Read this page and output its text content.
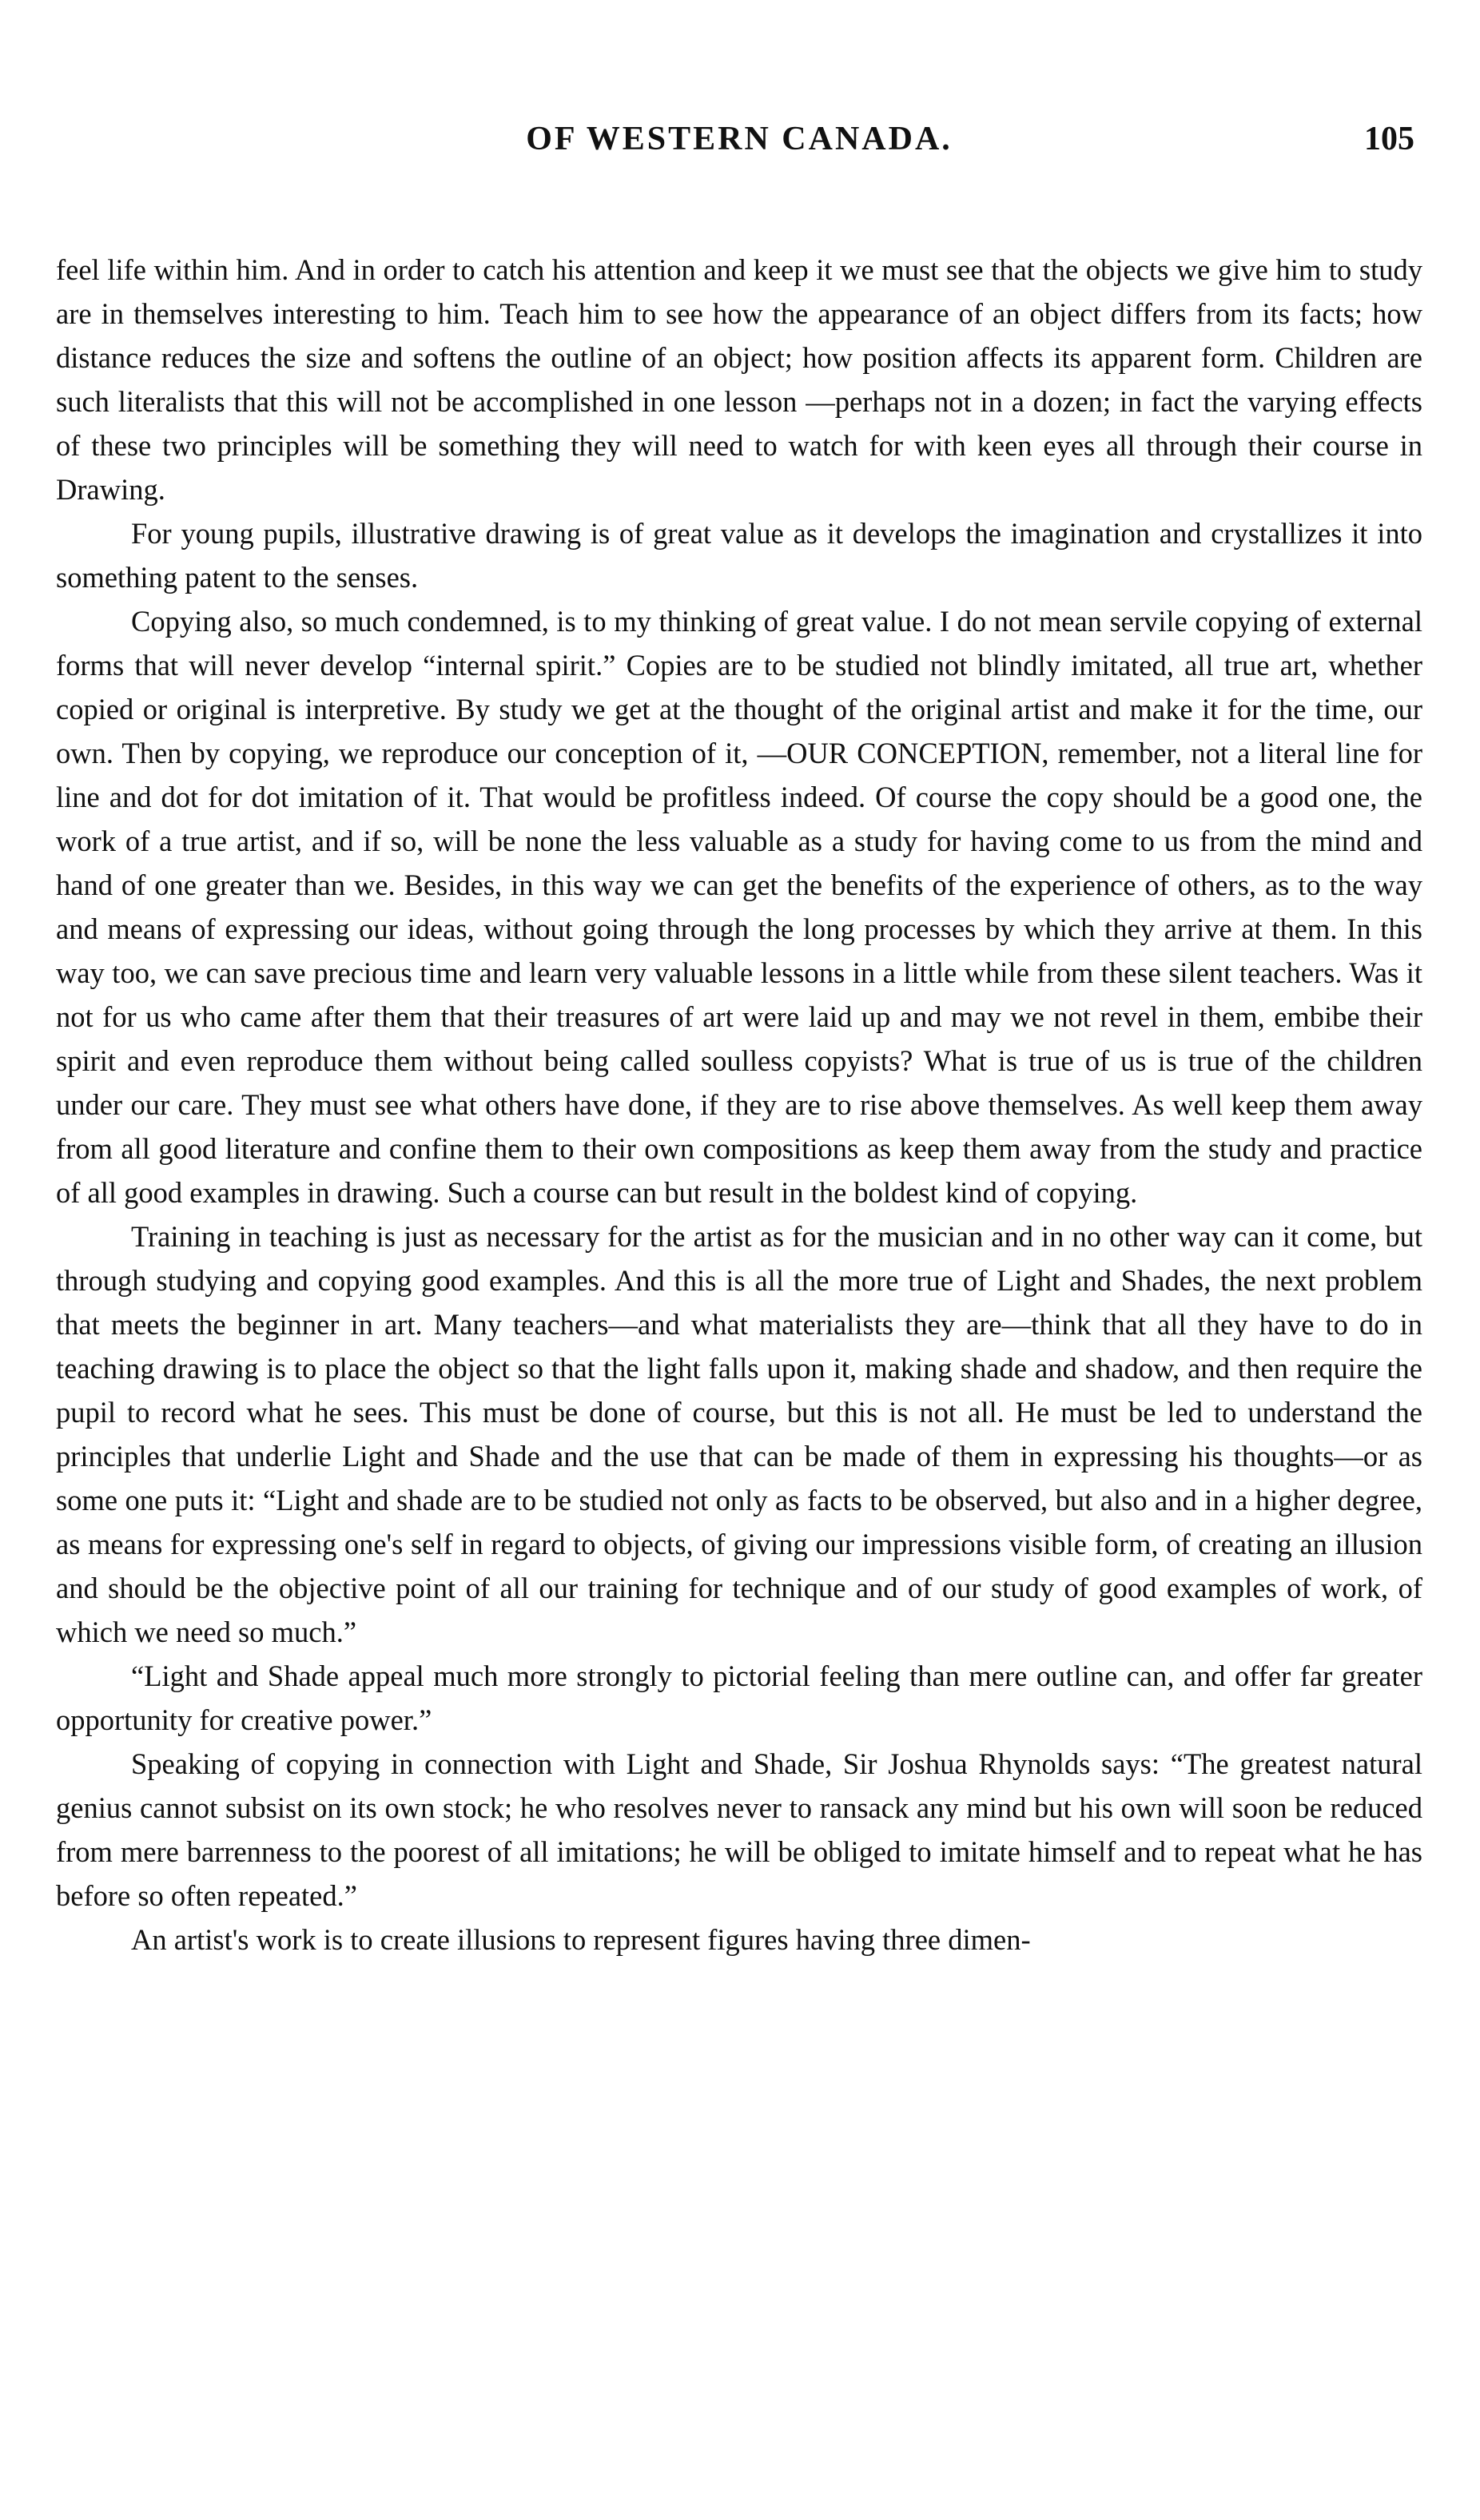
OF WESTERN CANADA.	105

feel life within him. And in order to catch his attention and keep it we must see that the objects we give him to study are in themselves interesting to him. Teach him to see how the appearance of an object differs from its facts; how distance reduces the size and softens the outline of an object; how position affects its apparent form. Children are such literalists that this will not be accomplished in one lesson —perhaps not in a dozen; in fact the varying effects of these two principles will be something they will need to watch for with keen eyes all through their course in Drawing.

For young pupils, illustrative drawing is of great value as it develops the imagination and crystallizes it into something patent to the senses.

Copying also, so much condemned, is to my thinking of great value. I do not mean servile copying of external forms that will never develop “internal spirit.” Copies are to be studied not blindly imitated, all true art, whether copied or original is interpretive. By study we get at the thought of the original artist and make it for the time, our own. Then by copying, we reproduce our conception of it, —OUR CONCEPTION, remember, not a literal line for line and dot for dot imitation of it. That would be profitless indeed. Of course the copy should be a good one, the work of a true artist, and if so, will be none the less valuable as a study for having come to us from the mind and hand of one greater than we. Besides, in this way we can get the benefits of the experience of others, as to the way and means of expressing our ideas, without going through the long processes by which they arrive at them. In this way too, we can save precious time and learn very valuable lessons in a little while from these silent teachers. Was it not for us who came after them that their treasures of art were laid up and may we not revel in them, embibe their spirit and even reproduce them without being called soulless copyists? What is true of us is true of the children under our care. They must see what others have done, if they are to rise above themselves. As well keep them away from all good literature and confine them to their own compositions as keep them away from the study and practice of all good examples in drawing. Such a course can but result in the boldest kind of copying.

Training in teaching is just as necessary for the artist as for the musician and in no other way can it come, but through studying and copying good examples. And this is all the more true of Light and Shades, the next problem that meets the beginner in art. Many teachers—and what materialists they are—think that all they have to do in teaching drawing is to place the object so that the light falls upon it, making shade and shadow, and then require the pupil to record what he sees. This must be done of course, but this is not all. He must be led to understand the principles that underlie Light and Shade and the use that can be made of them in expressing his thoughts—or as some one puts it: “Light and shade are to be studied not only as facts to be observed, but also and in a higher degree, as means for expressing one's self in regard to objects, of giving our impressions visible form, of creating an illusion and should be the objective point of all our training for technique and of our study of good examples of work, of which we need so much.”

“Light and Shade appeal much more strongly to pictorial feeling than mere outline can, and offer far greater opportunity for creative power.”

Speaking of copying in connection with Light and Shade, Sir Joshua Rhynolds says: “The greatest natural genius cannot subsist on its own stock; he who resolves never to ransack any mind but his own will soon be reduced from mere barrenness to the poorest of all imitations; he will be obliged to imitate himself and to repeat what he has before so often repeated.”

An artist's work is to create illusions to represent figures having three dimen-
